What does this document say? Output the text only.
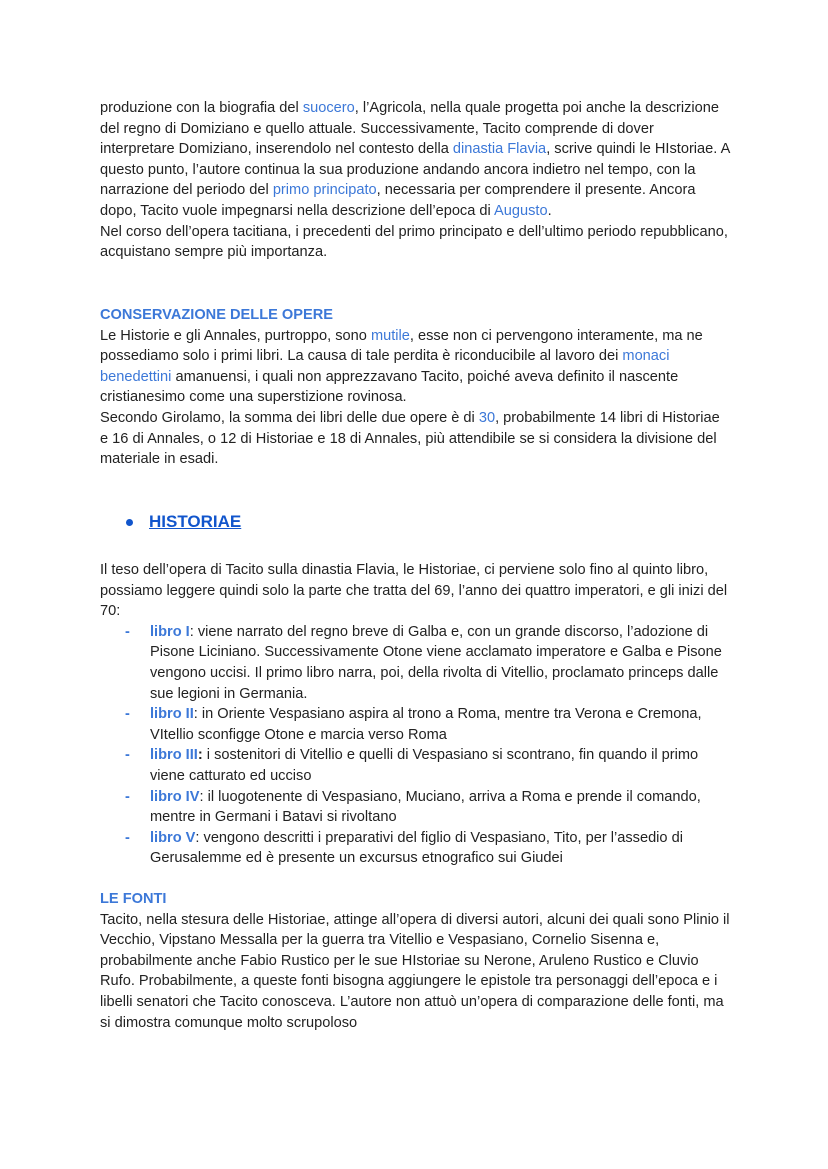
produzione con la biografia del suocero, l’Agricola, nella quale progetta poi anche la descrizione del regno di Domiziano e quello attuale. Successivamente, Tacito comprende di dover interpretare Domiziano, inserendolo nel contesto della dinastia Flavia, scrive quindi le HIstoriae. A questo punto, l’autore continua la sua produzione andando ancora indietro nel tempo, con la narrazione del periodo del primo principato, necessaria per comprendere il presente. Ancora dopo, Tacito vuole impegnarsi nella descrizione dell’epoca di Augusto.

Nel corso dell’opera tacitiana, i precedenti del primo principato e dell’ultimo periodo repubblicano, acquistano sempre più importanza.

CONSERVAZIONE DELLE OPERE

Le Historie e gli Annales, purtroppo, sono mutile, esse non ci pervengono interamente, ma ne possediamo solo i primi libri. La causa di tale perdita è riconducibile al lavoro dei monaci benedettini amanuensi, i quali non apprezzavano Tacito, poiché aveva definito il nascente cristianesimo come una superstizione rovinosa.

Secondo Girolamo, la somma dei libri delle due opere è di 30, probabilmente 14 libri di Historiae e 16 di Annales, o 12 di Historiae e 18 di Annales, più attendibile se si considera la divisione del materiale in esadi.

HISTORIAE

Il teso dell’opera di Tacito sulla dinastia Flavia, le Historiae, ci perviene solo fino al quinto libro, possiamo leggere quindi solo la parte che tratta del 69, l’anno dei quattro imperatori, e gli inizi del 70:

- libro I: viene narrato del regno breve di Galba e, con un grande discorso, l’adozione di Pisone Liciniano. Successivamente Otone viene acclamato imperatore e Galba e Pisone vengono uccisi. Il primo libro narra, poi, della rivolta di Vitellio, proclamato princeps dalle sue legioni in Germania.
- libro II: in Oriente Vespasiano aspira al trono a Roma, mentre tra Verona e Cremona, VItellio sconfigge Otone e marcia verso Roma
- libro III: i sostenitori di Vitellio e quelli di Vespasiano si scontrano, fin quando il primo viene catturato ed ucciso
- libro IV: il luogotenente di Vespasiano, Muciano, arriva a Roma e prende il comando, mentre in Germani i Batavi si rivoltano
- libro V: vengono descritti i preparativi del figlio di Vespasiano, Tito, per l’assedio di Gerusalemme ed è presente un excursus etnografico sui Giudei

LE FONTI

Tacito, nella stesura delle Historiae, attinge all’opera di diversi autori, alcuni dei quali sono Plinio il Vecchio, Vipstano Messalla per la guerra tra Vitellio e Vespasiano, Cornelio Sisenna e, probabilmente anche Fabio Rustico per le sue HIstoriae su Nerone, Aruleno Rustico e Cluvio Rufo. Probabilmente, a queste fonti bisogna aggiungere le epistole tra personaggi dell’epoca e i libelli senatori che Tacito conosceva. L’autore non attuò un’opera di comparazione delle fonti, ma si dimostra comunque molto scrupoloso
